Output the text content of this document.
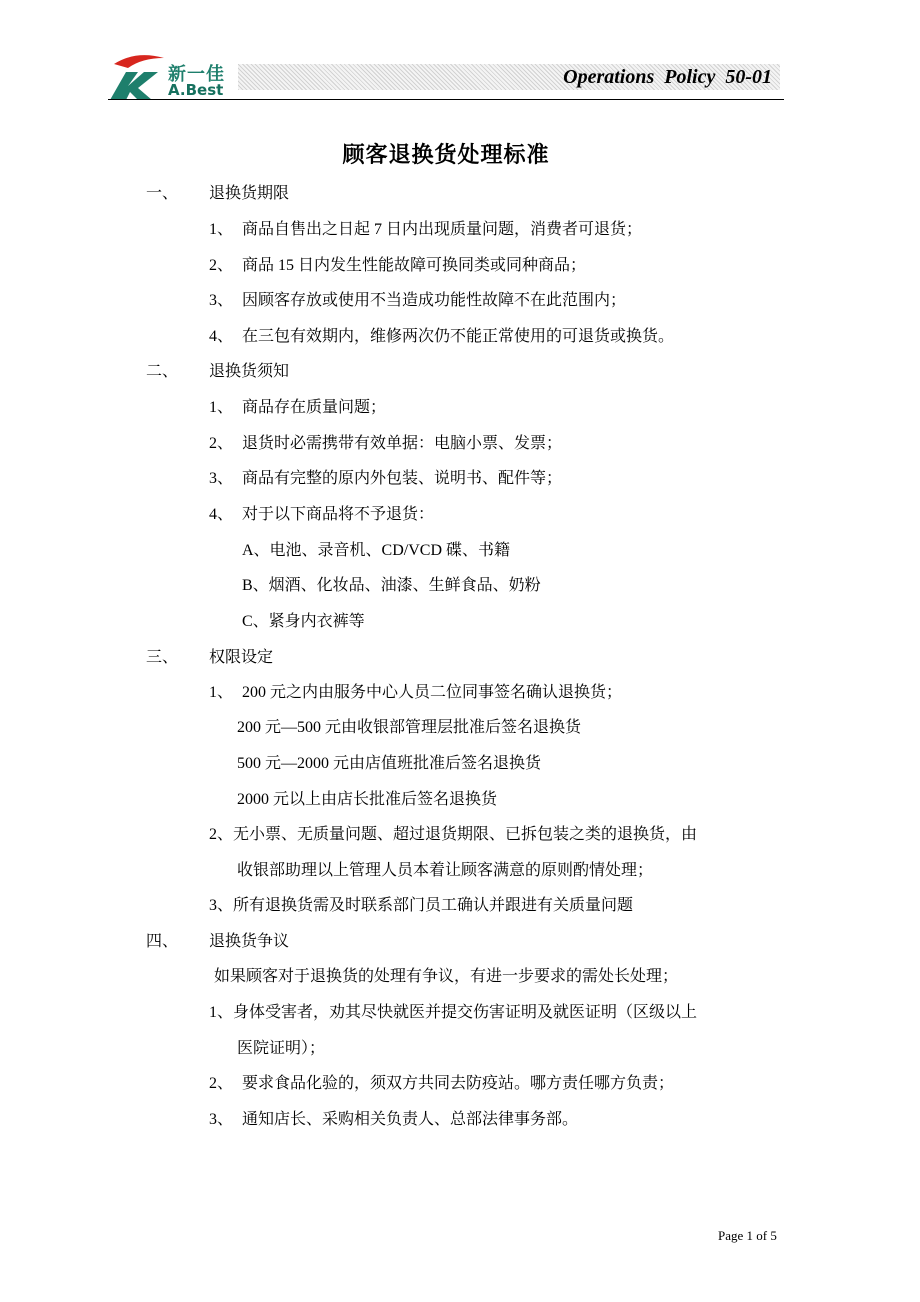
新一佳
A.Best
Operations  Policy  50-01
顾客退换货处理标准
一、 退换货期限
1、 商品自售出之日起 7 日内出现质量问题，消费者可退货；
2、 商品 15 日内发生性能故障可换同类或同种商品；
3、 因顾客存放或使用不当造成功能性故障不在此范围内；
4、 在三包有效期内，维修两次仍不能正常使用的可退货或换货。
二、 退换货须知
1、 商品存在质量问题；
2、 退货时必需携带有效单据：电脑小票、发票；
3、 商品有完整的原内外包装、说明书、配件等；
4、 对于以下商品将不予退货：
A、电池、录音机、CD/VCD 碟、书籍
B、烟酒、化妆品、油漆、生鲜食品、奶粉
C、紧身内衣裤等
三、 权限设定
1、 200 元之内由服务中心人员二位同事签名确认退换货；
200 元—500 元由收银部管理层批准后签名退换货
500 元—2000 元由店值班批准后签名退换货
2000 元以上由店长批准后签名退换货
2、无小票、无质量问题、超过退货期限、已拆包装之类的退换货，由
收银部助理以上管理人员本着让顾客满意的原则酌情处理；
3、所有退换货需及时联系部门员工确认并跟进有关质量问题
四、 退换货争议
如果顾客对于退换货的处理有争议，有进一步要求的需处长处理；
1、身体受害者，劝其尽快就医并提交伤害证明及就医证明（区级以上
医院证明）；
2、 要求食品化验的，须双方共同去防疫站。哪方责任哪方负责；
3、 通知店长、采购相关负责人、总部法律事务部。
Page 1 of 5
